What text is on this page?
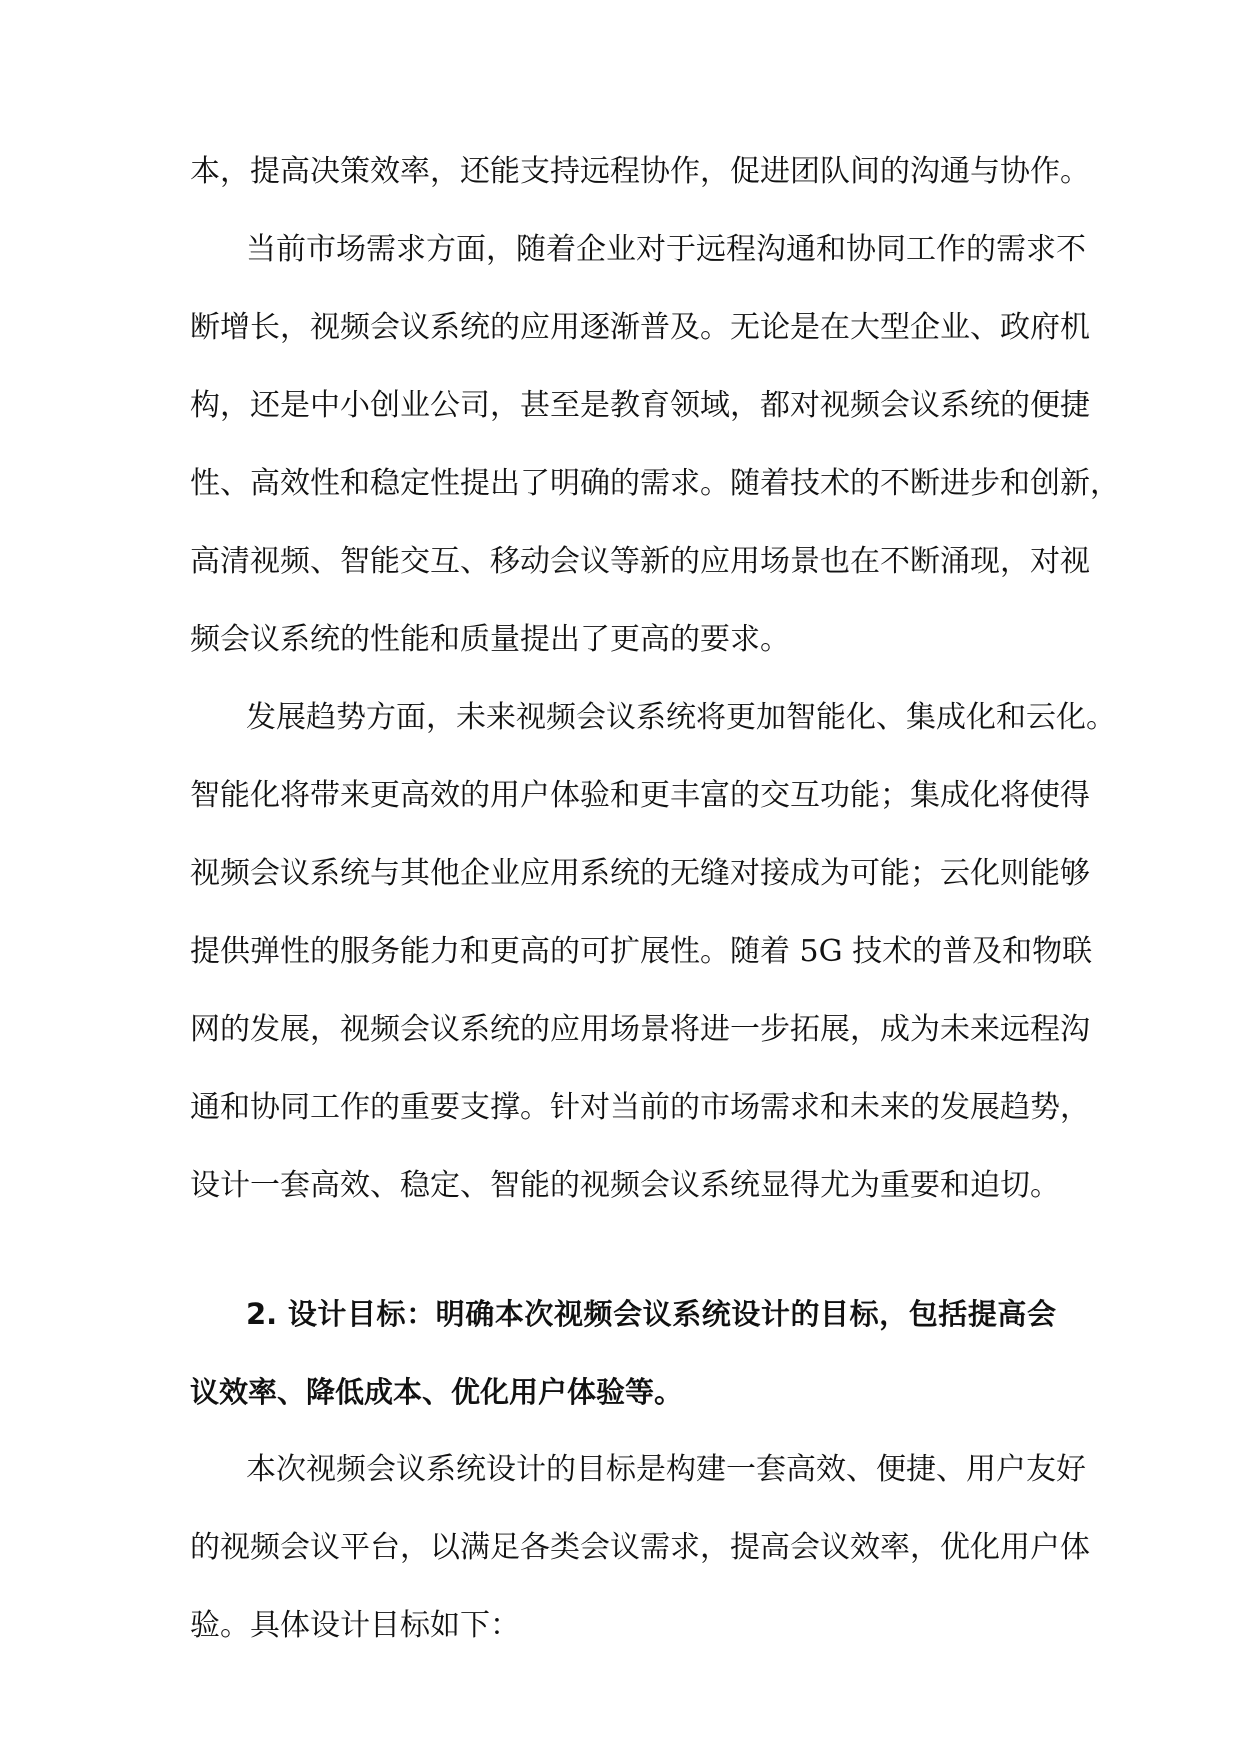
本，提高决策效率，还能支持远程协作，促进团队间的沟通与协作。
当前市场需求方面，随着企业对于远程沟通和协同工作的需求不
断增长，视频会议系统的应用逐渐普及。无论是在大型企业、政府机
构，还是中小创业公司，甚至是教育领域，都对视频会议系统的便捷
性、高效性和稳定性提出了明确的需求。随着技术的不断进步和创新，
高清视频、智能交互、移动会议等新的应用场景也在不断涌现，对视
频会议系统的性能和质量提出了更高的要求。
发展趋势方面，未来视频会议系统将更加智能化、集成化和云化。
智能化将带来更高效的用户体验和更丰富的交互功能；集成化将使得
视频会议系统与其他企业应用系统的无缝对接成为可能；云化则能够
提供弹性的服务能力和更高的可扩展性。随着 5G 技术的普及和物联
网的发展，视频会议系统的应用场景将进一步拓展，成为未来远程沟
通和协同工作的重要支撑。针对当前的市场需求和未来的发展趋势，
设计一套高效、稳定、智能的视频会议系统显得尤为重要和迫切。
2. 设计目标：明确本次视频会议系统设计的目标，包括提高会
议效率、降低成本、优化用户体验等。
本次视频会议系统设计的目标是构建一套高效、便捷、用户友好
的视频会议平台，以满足各类会议需求，提高会议效率，优化用户体
验。具体设计目标如下：
